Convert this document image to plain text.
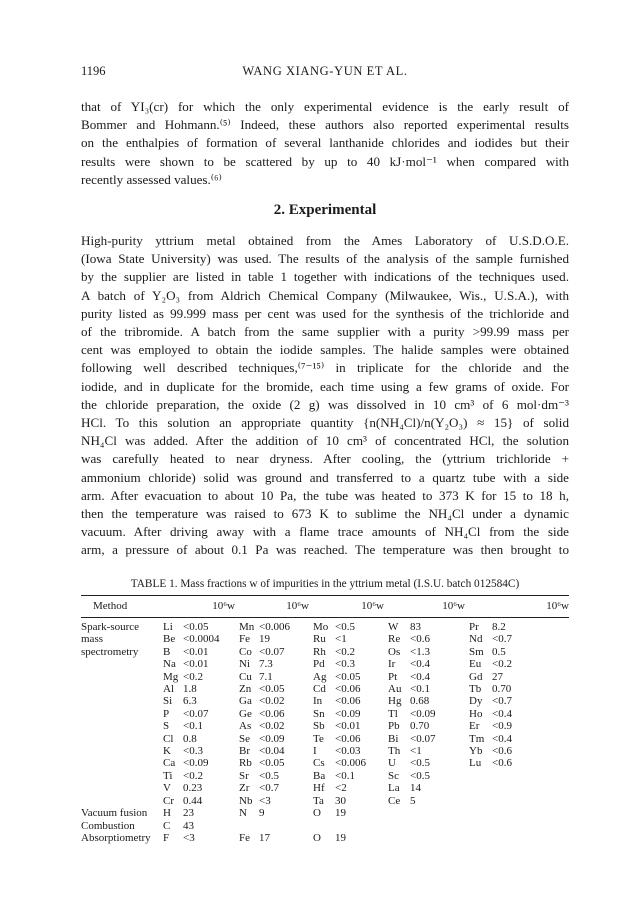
1196	WANG XIANG-YUN ET AL.

that of YI₃(cr) for which the only experimental evidence is the early result of

Bommer and Hohmann.⁽⁵⁾ Indeed, these authors also reported experimental results

on the enthalpies of formation of several lanthanide chlorides and iodides but their

results were shown to be scattered by up to 40 kJ·mol⁻¹ when compared with

recently assessed values.⁽⁶⁾

2. Experimental

High-purity yttrium metal obtained from the Ames Laboratory of U.S.D.O.E.

(Iowa State University) was used. The results of the analysis of the sample furnished

by the supplier are listed in table 1 together with indications of the techniques used.

A batch of Y₂O₃ from Aldrich Chemical Company (Milwaukee, Wis., U.S.A.), with

purity listed as 99.999 mass per cent was used for the synthesis of the trichloride and

of the tribromide. A batch from the same supplier with a purity >99.99 mass per

cent was employed to obtain the iodide samples. The halide samples were obtained

following well described techniques,⁽⁷⁻¹⁵⁾ in triplicate for the chloride and the

iodide, and in duplicate for the bromide, each time using a few grams of oxide. For

the chloride preparation, the oxide (2 g) was dissolved in 10 cm³ of 6 mol·dm⁻³

HCl. To this solution an appropriate quantity {n(NH₄Cl)/n(Y₂O₃) ≈ 15} of solid

NH₄Cl was added. After the addition of 10 cm³ of concentrated HCl, the solution

was carefully heated to near dryness. After cooling, the (yttrium trichloride +

ammonium chloride) solid was ground and transferred to a quartz tube with a side

arm. After evacuation to about 10 Pa, the tube was heated to 373 K for 15 to 18 h,

then the temperature was raised to 673 K to sublime the NH₄Cl under a dynamic

vacuum. After driving away with a flame trace amounts of NH₄Cl from the side

arm, a pressure of about 0.1 Pa was reached. The temperature was then brought to

TABLE 1. Mass fractions w of impurities in the yttrium metal (I.S.U. batch 012584C)
Method	10⁶w		10⁶w		10⁶w		10⁶w		10⁶w	
Spark-source	Li	<0.05	Mn	<0.006	Mo	<0.5	W	83	Pr	8.2
mass	Be	<0.0004	Fe	19	Ru	<1	Re	<0.6	Nd	<0.7
spectrometry	B	<0.01	Co	<0.07	Rh	<0.2	Os	<1.3	Sm	0.5
	Na	<0.01	Ni	7.3	Pd	<0.3	Ir	<0.4	Eu	<0.2
	Mg	<0.2	Cu	7.1	Ag	<0.05	Pt	<0.4	Gd	27
	Al	1.8	Zn	<0.05	Cd	<0.06	Au	<0.1	Tb	0.70
	Si	6.3	Ga	<0.02	In	<0.06	Hg	0.68	Dy	<0.7
	P	<0.07	Ge	<0.06	Sn	<0.09	Tl	<0.09	Ho	<0.4
	S	<0.1	As	<0.02	Sb	<0.01	Pb	0.70	Er	<0.9
	Cl	0.8	Se	<0.09	Te	<0.06	Bi	<0.07	Tm	<0.4
	K	<0.3	Br	<0.04	I	<0.03	Th	<1	Yb	<0.6
	Ca	<0.09	Rb	<0.05	Cs	<0.006	U	<0.5	Lu	<0.6
	Ti	<0.2	Sr	<0.5	Ba	<0.1	Sc	<0.5		
	V	0.23	Zr	<0.7	Hf	<2	La	14		
	Cr	0.44	Nb	<3	Ta	30	Ce	5		
Vacuum fusion	H	23	N	9	O	19				
Combustion	C	43								
Absorptiometry	F	<3	Fe	17	O	19				
